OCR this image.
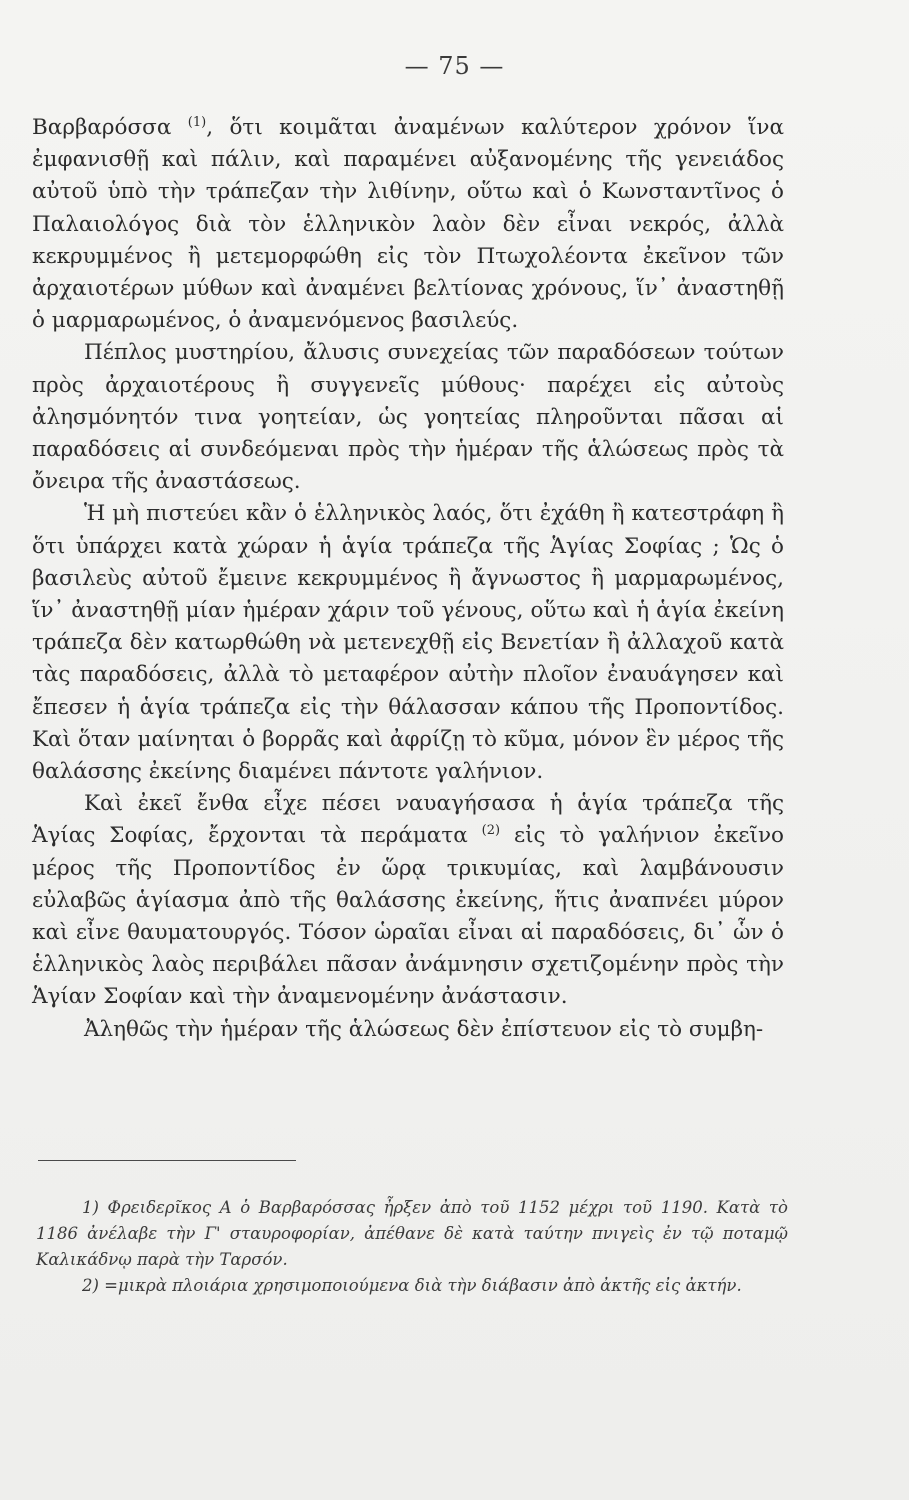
— 75 —

Βαρβαρόσσα $^{(1)}$, ὅτι κοιμᾶται ἀναμένων καλύτερον χρόνον ἵνα ἐμφανισθῇ καὶ πάλιν, καὶ παραμένει αὐξανομένης τῆς γενειάδος αὐτοῦ ὑπὸ τὴν τράπεζαν τὴν λιθίνην, οὕτω καὶ ὁ Κωνσταντῖνος ὁ Παλαιολόγος διὰ τὸν ἑλληνικὸν λαὸν δὲν εἶναι νεκρός, ἀλλὰ κεκρυμμένος ἢ μετεμορφώθη εἰς τὸν Πτωχολέοντα ἐκεῖνον τῶν ἀρχαιοτέρων μύθων καὶ ἀναμένει βελτίονας χρόνους, ἵν᾽ ἀναστηθῇ ὁ μαρμαρωμένος, ὁ ἀναμενόμενος βασιλεύς.

Πέπλος μυστηρίου, ἄλυσις συνεχείας τῶν παραδόσεων τούτων πρὸς ἀρχαιοτέρους ἢ συγγενεῖς μύθους· παρέχει εἰς αὐτοὺς ἀλησμόνητόν τινα γοητείαν, ὡς γοητείας πληροῦνται πᾶσαι αἱ παραδόσεις αἱ συνδεόμεναι πρὸς τὴν ἡμέραν τῆς ἁλώσεως πρὸς τὰ ὄνειρα τῆς ἀναστάσεως.

Ἡ μὴ πιστεύει κἂν ὁ ἑλληνικὸς λαός, ὅτι ἐχάθη ἢ κατεστράφη ἢ ὅτι ὑπάρχει κατὰ χώραν ἡ ἁγία τράπεζα τῆς Ἁγίας Σοφίας ; Ὡς ὁ βασιλεὺς αὐτοῦ ἔμεινε κεκρυμμένος ἢ ἄγνωστος ἢ μαρμαρωμένος, ἵν᾽ ἀναστηθῇ μίαν ἡμέραν χάριν τοῦ γένους, οὕτω καὶ ἡ ἁγία ἐκείνη τράπεζα δὲν κατωρθώθη νὰ μετενεχθῇ εἰς Βενετίαν ἢ ἀλλαχοῦ κατὰ τὰς παραδόσεις, ἀλλὰ τὸ μεταφέρον αὐτὴν πλοῖον ἐναυάγησεν καὶ ἔπεσεν ἡ ἁγία τράπεζα εἰς τὴν θάλασσαν κάπου τῆς Προποντίδος. Καὶ ὅταν μαίνηται ὁ βορρᾶς καὶ ἀφρίζῃ τὸ κῦμα, μόνον ἓν μέρος τῆς θαλάσσης ἐκείνης διαμένει πάντοτε γαλήνιον.

Καὶ ἐκεῖ ἔνθα εἶχε πέσει ναυαγήσασα ἡ ἁγία τράπεζα τῆς Ἁγίας Σοφίας, ἔρχονται τὰ περάματα $^{(2)}$ εἰς τὸ γαλήνιον ἐκεῖνο μέρος τῆς Προποντίδος ἐν ὥρᾳ τρικυμίας, καὶ λαμβάνουσιν εὐλαβῶς ἁγίασμα ἀπὸ τῆς θαλάσσης ἐκείνης, ἥτις ἀναπνέει μύρον καὶ εἶνε θαυματουργός. Τόσον ὡραῖαι εἶναι αἱ παραδόσεις, δι᾽ ὧν ὁ ἑλληνικὸς λαὸς περιβάλει πᾶσαν ἀνάμνησιν σχετιζομένην πρὸς τὴν Ἁγίαν Σοφίαν καὶ τὴν ἀναμενομένην ἀνάστασιν.

Ἀληθῶς τὴν ἡμέραν τῆς ἁλώσεως δὲν ἐπίστευον εἰς τὸ συμβη-

1) Φρειδερῖκος Α ὁ Βαρβαρόσσας ἦρξεν ἀπὸ τοῦ 1152 μέχρι τοῦ 1190. Κατὰ τὸ 1186 ἀνέλαβε τὴν Γ' σταυροφορίαν, ἀπέθανε δὲ κατὰ ταύτην πνιγεὶς ἐν τῷ ποταμῷ Καλικάδνῳ παρὰ τὴν Ταρσόν.

2) =μικρὰ πλοιάρια χρησιμοποιούμενα διὰ τὴν διάβασιν ἀπὸ ἀκτῆς εἰς ἀκτήν.
